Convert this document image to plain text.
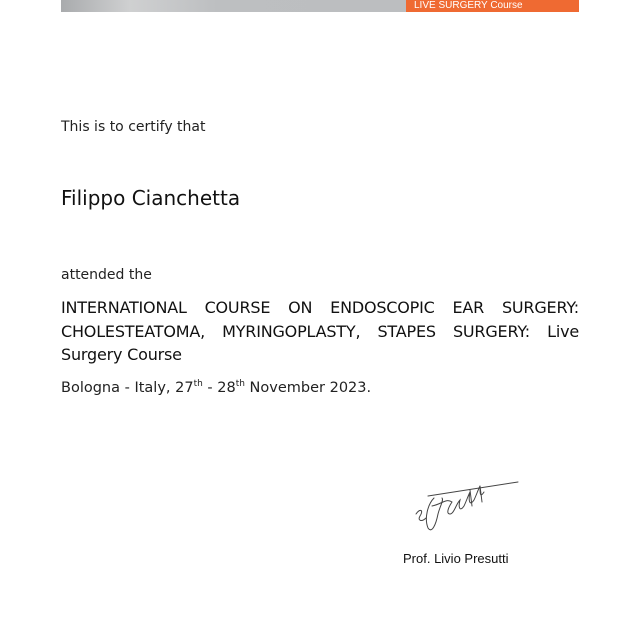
LIVE SURGERY Course
This is to certify that
Filippo Cianchetta
attended the
INTERNATIONAL COURSE ON ENDOSCOPIC EAR SURGERY: CHOLESTEATOMA, MYRINGOPLASTY, STAPES SURGERY: Live Surgery Course
Bologna - Italy, 27th - 28th November 2023.
Prof. Livio Presutti
